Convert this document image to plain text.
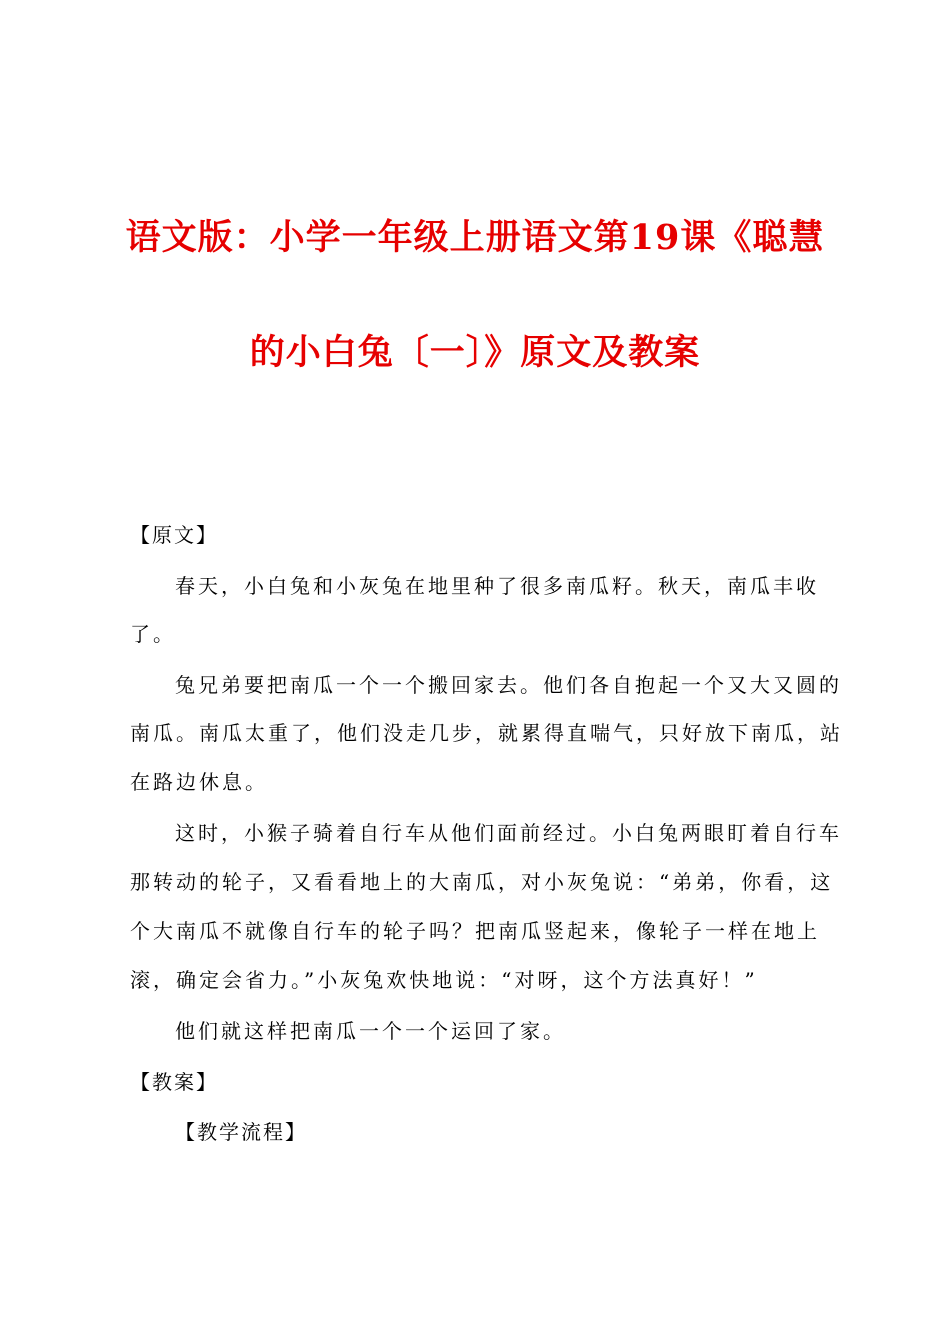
语文版：小学一年级上册语文第19课《聪慧
的小白兔〔一〕》原文及教案
【原文】
春天，小白兔和小灰兔在地里种了很多南瓜籽。秋天，南瓜丰收
了。
兔兄弟要把南瓜一个一个搬回家去。他们各自抱起一个又大又圆的
南瓜。南瓜太重了，他们没走几步，就累得直喘气，只好放下南瓜，站
在路边休息。
这时，小猴子骑着自行车从他们面前经过。小白兔两眼盯着自行车
那转动的轮子，又看看地上的大南瓜，对小灰兔说：“弟弟，你看，这
个大南瓜不就像自行车的轮子吗？把南瓜竖起来，像轮子一样在地上
滚，确定会省力。”小灰兔欢快地说：“对呀，这个方法真好！”
他们就这样把南瓜一个一个运回了家。
【教案】
【教学流程】
